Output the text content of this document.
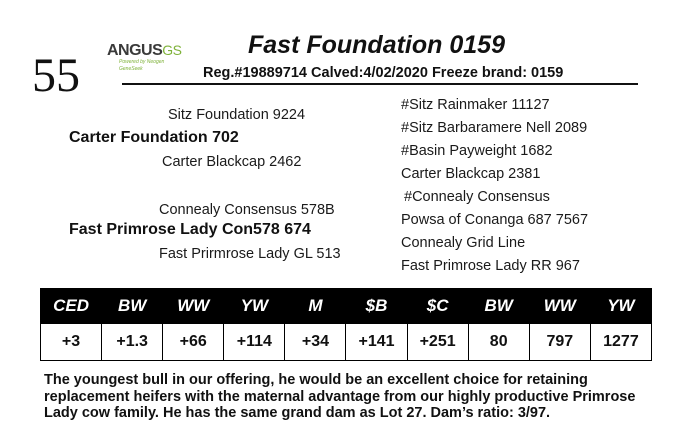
55 ANGUSGS
Powered by Neogen GeneSeek
Fast Foundation 0159
Reg.#19889714 Calved:4/02/2020 Freeze brand: 0159
Sitz Foundation 9224
Carter Foundation 702
Carter Blackcap 2462
Connealy Consensus 578B
Fast Primrose Lady Con578 674
Fast Prirmrose Lady GL 513
#Sitz Rainmaker 11127
#Sitz Barbaramere Nell 2089
#Basin Payweight 1682
Carter Blackcap 2381
#Connealy Consensus
Powsa of Conanga 687 7567
Connealy Grid Line
Fast Primrose Lady RR 967
CED	BW	WW	YW	M	$B	$C	BW	WW	YW
+3	+1.3	+66	+114	+34	+141	+251	80	797	1277
The youngest bull in our offering, he would be an excellent choice for retaining replacement heifers with the maternal advantage from our highly productive Primrose Lady cow family. He has the same grand dam as Lot 27. Dam’s ratio: 3/97.
